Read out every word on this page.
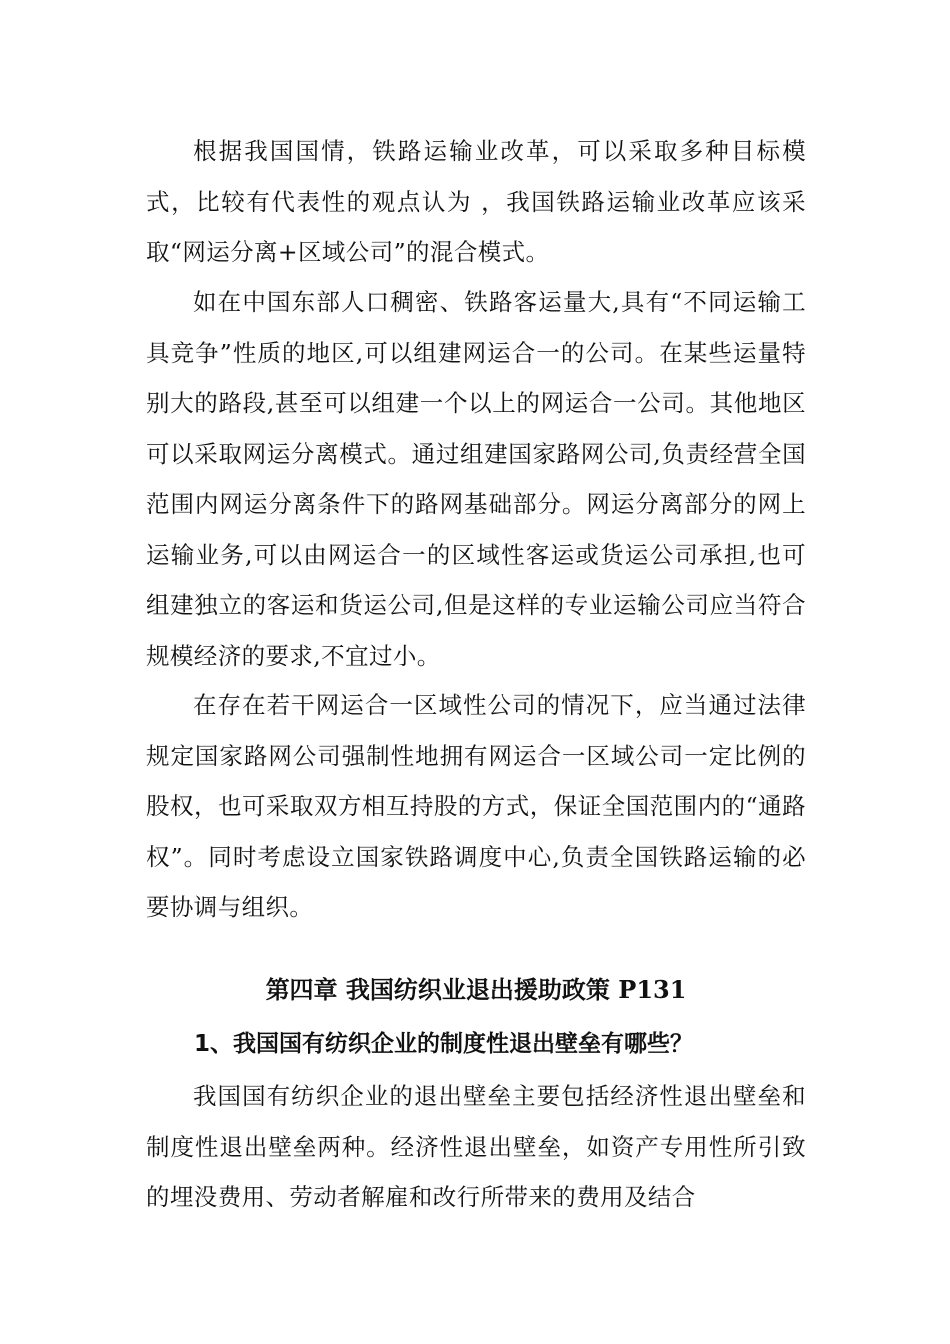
根据我国国情，铁路运输业改革，可以采取多种目标模式，比较有代表性的观点认为 ，我国铁路运输业改革应该采取“网运分离+区域公司”的混合模式。

如在中国东部人口稠密、铁路客运量大,具有“不同运输工具竞争”性质的地区,可以组建网运合一的公司。在某些运量特别大的路段,甚至可以组建一个以上的网运合一公司。其他地区可以采取网运分离模式。通过组建国家路网公司,负责经营全国范围内网运分离条件下的路网基础部分。网运分离部分的网上运输业务,可以由网运合一的区域性客运或货运公司承担,也可组建独立的客运和货运公司,但是这样的专业运输公司应当符合规模经济的要求,不宜过小。

在存在若干网运合一区域性公司的情况下，应当通过法律规定国家路网公司强制性地拥有网运合一区域公司一定比例的股权，也可采取双方相互持股的方式，保证全国范围内的“通路权”。同时考虑设立国家铁路调度中心,负责全国铁路运输的必要协调与组织。

第四章 我国纺织业退出援助政策 P131
1、我国国有纺织企业的制度性退出壁垒有哪些？

我国国有纺织企业的退出壁垒主要包括经济性退出壁垒和制度性退出壁垒两种。经济性退出壁垒，如资产专用性所引致的埋没费用、劳动者解雇和改行所带来的费用及结合
